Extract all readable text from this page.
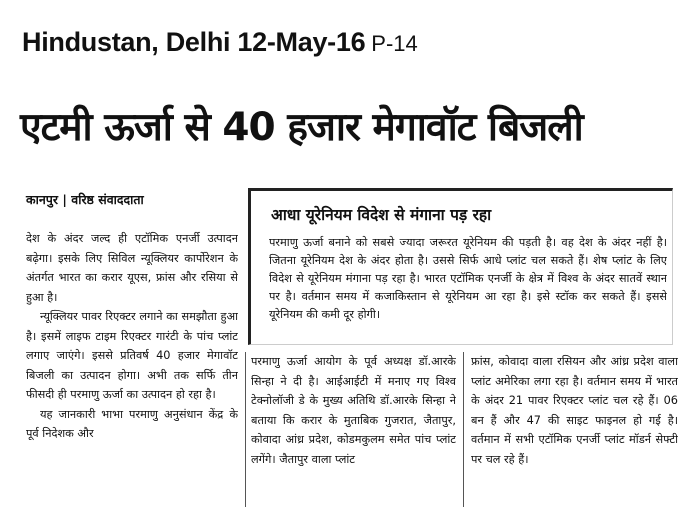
Hindustan, Delhi 12-May-16 P-14
एटमी ऊर्जा से 40 हजार मेगावॉट बिजली
कानपुर | वरिष्ठ संवाददाता

देश के अंदर जल्द ही एटॉमिक एनर्जी उत्पादन बढ़ेगा। इसके लिए सिविल न्यूक्लियर कार्पोरेशन के अंतर्गत भारत का करार यूएस, फ्रांस और रसिया से हुआ है।

न्यूक्लियर पावर रिएक्टर लगाने का समझौता हुआ है। इसमें लाइफ टाइम रिएक्टर गारंटी के पांच प्लांट लगाए जाएंगे। इससे प्रतिवर्ष 40 हजार मेगावॉट बिजली का उत्पादन होगा। अभी तक सर्फि तीन फीसदी ही परमाणु ऊर्जा का उत्पादन हो रहा है।

यह जानकारी भाभा परमाणु अनुसंधान केंद्र के पूर्व निदेशक और

आधा यूरेनियम विदेश से मंगाना पड़ रहा
परमाणु ऊर्जा बनाने को सबसे ज्यादा जरूरत यूरेनियम की पड़ती है। वह देश के अंदर नहीं है। जितना यूरेनियम देश के अंदर होता है। उससे सिर्फ आधे प्लांट चल सकते हैं। शेष प्लांट के लिए विदेश से यूरेनियम मंगाना पड़ रहा है। भारत एटॉमिक एनर्जी के क्षेत्र में विश्व के अंदर सातवें स्थान पर है। वर्तमान समय में कजाकिस्तान से यूरेनियम आ रहा है। इसे स्टॉक कर सकते हैं। इससे यूरेनियम की कमी दूर होगी।
परमाणु ऊर्जा आयोग के पूर्व अध्यक्ष डॉ.आरके सिन्हा ने दी है। आईआईटी में मनाए गए विश्व टेक्नोलॉजी डे के मुख्य अतिथि डॉ.आरके सिन्हा ने बताया कि करार के मुताबिक गुजरात, जैतापुर, कोवादा आंध्र प्रदेश, कोडमकुलम समेत पांच प्लांट लगेंगे। जैतापुर वाला प्लांट
फ्रांस, कोवादा वाला रसियन और आंध्र प्रदेश वाला प्लांट अमेरिका लगा रहा है। वर्तमान समय में भारत के अंदर 21 पावर रिएक्टर प्लांट चल रहे हैं। 06 बन हैं और 47 की साइट फाइनल हो गई है। वर्तमान में सभी एटॉमिक एनर्जी प्लांट मॉडर्न सेफ्टी पर चल रहे हैं।
